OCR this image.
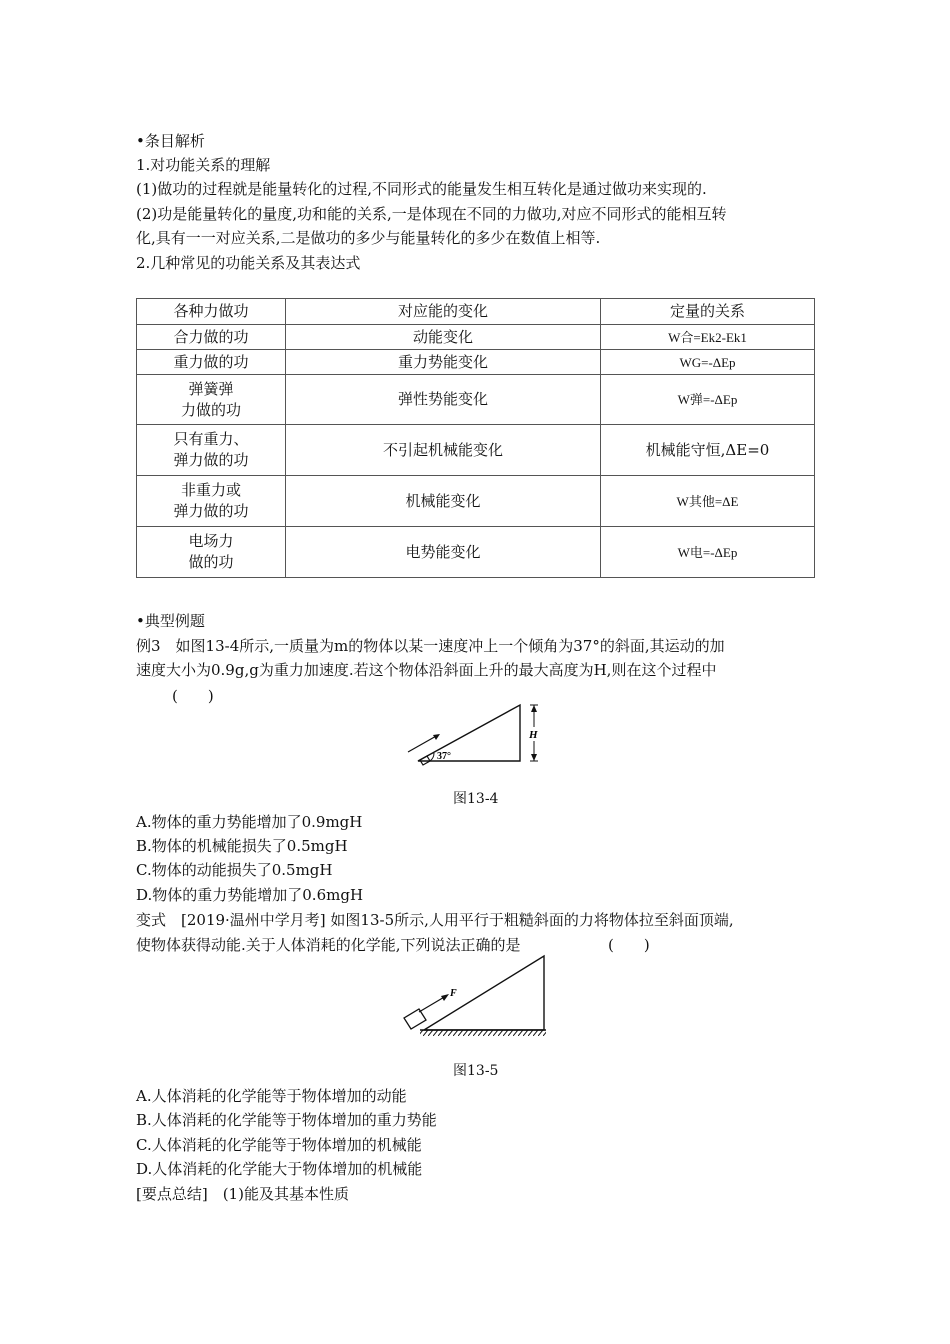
•条目解析
1.对功能关系的理解
(1)做功的过程就是能量转化的过程,不同形式的能量发生相互转化是通过做功来实现的.
(2)功是能量转化的量度,功和能的关系,一是体现在不同的力做功,对应不同形式的能相互转
化,具有一一对应关系,二是做功的多少与能量转化的多少在数值上相等.
2.几种常见的功能关系及其表达式
各种力做功	对应能的变化	定量的关系
合力做的功	动能变化	W合=Ek2-Ek1
重力做的功	重力势能变化	WG=-ΔEp
弹簧弹
力做的功	弹性势能变化	W弹=-ΔEp
只有重力、
弹力做的功	不引起机械能变化	机械能守恒,ΔE=0
非重力或
弹力做的功	机械能变化	W其他=ΔE
电场力
做的功	电势能变化	W电=-ΔEp
•典型例题
例3　如图13-4所示,一质量为m的物体以某一速度冲上一个倾角为37°的斜面,其运动的加
速度大小为0.9g,g为重力加速度.若这个物体沿斜面上升的最大高度为H,则在这个过程中
(　　)
37°
H
图13-4
A.物体的重力势能增加了0.9mgH
B.物体的机械能损失了0.5mgH
C.物体的动能损失了0.5mgH
D.物体的重力势能增加了0.6mgH
变式　[2019·温州中学月考] 如图13-5所示,人用平行于粗糙斜面的力将物体拉至斜面顶端,
使物体获得动能.关于人体消耗的化学能,下列说法正确的是	(　　)
F
图13-5
A.人体消耗的化学能等于物体增加的动能
B.人体消耗的化学能等于物体增加的重力势能
C.人体消耗的化学能等于物体增加的机械能
D.人体消耗的化学能大于物体增加的机械能
[要点总结]　(1)能及其基本性质
